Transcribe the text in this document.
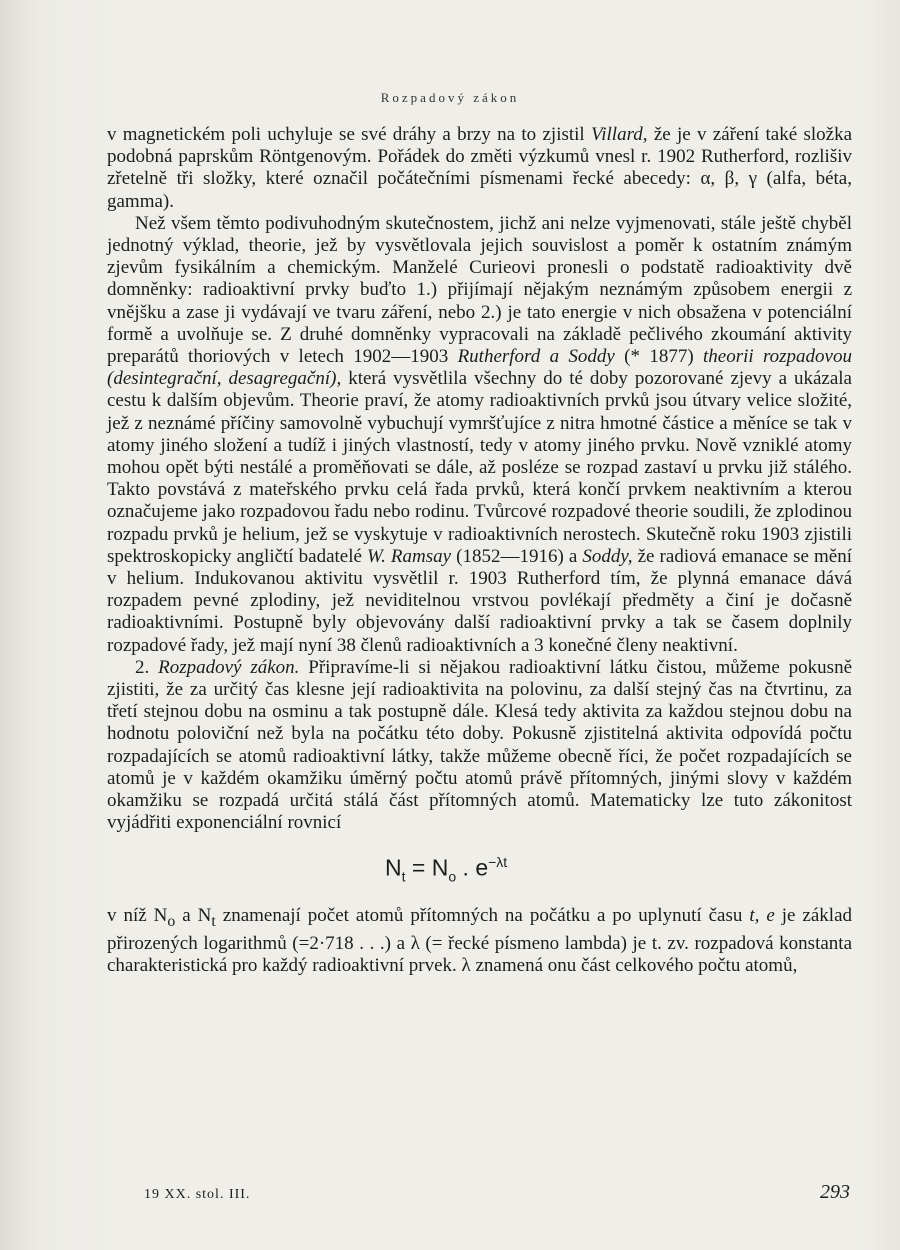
Rozpadový zákon

v magnetickém poli uchyluje se své dráhy a brzy na to zjistil Villard, že je v záření také složka podobná paprskům Röntgenovým. Pořádek do změti výzkumů vnesl r. 1902 Rutherford, rozlišiv zřetelně tři složky, které označil počátečními písmenami řecké abecedy: α, β, γ (alfa, béta, gamma).

Než všem těmto podivuhodným skutečnostem, jichž ani nelze vyjmenovati, stále ještě chyběl jednotný výklad, theorie, jež by vysvětlovala jejich souvislost a poměr k ostatním známým zjevům fysikálním a chemickým. Manželé Curieovi pronesli o podstatě radioaktivity dvě domněnky: radioaktivní prvky buďto 1.) přijímají nějakým neznámým způsobem energii z vnějšku a zase ji vydávají ve tvaru záření, nebo 2.) je tato energie v nich obsažena v potenciální formě a uvolňuje se. Z druhé domněnky vypracovali na základě pečlivého zkoumání aktivity preparátů thoriových v letech 1902—1903 Rutherford a Soddy (* 1877) theorii rozpadovou (desintegrační, desagregační), která vysvětlila všechny do té doby pozorované zjevy a ukázala cestu k dalším objevům. Theorie praví, že atomy radioaktivních prvků jsou útvary velice složité, jež z neznámé příčiny samovolně vybuchují vymršťujíce z nitra hmotné částice a měníce se tak v atomy jiného složení a tudíž i jiných vlastností, tedy v atomy jiného prvku. Nově vzniklé atomy mohou opět býti nestálé a proměňovati se dále, až posléze se rozpad zastaví u prvku již stálého. Takto povstává z mateřského prvku celá řada prvků, která končí prvkem neaktivním a kterou označujeme jako rozpadovou řadu nebo rodinu. Tvůrcové rozpadové theorie soudili, že zplodinou rozpadu prvků je helium, jež se vyskytuje v radioaktivních nerostech. Skutečně roku 1903 zjistili spektroskopicky angličtí badatelé W. Ramsay (1852—1916) a Soddy, že radiová emanace se mění v helium. Indukovanou aktivitu vysvětlil r. 1903 Rutherford tím, že plynná emanace dává rozpadem pevné zplodiny, jež neviditelnou vrstvou povlékají předměty a činí je dočasně radioaktivními. Postupně byly objevovány další radioaktivní prvky a tak se časem doplnily rozpadové řady, jež mají nyní 38 členů radioaktivních a 3 konečné členy neaktivní.

2. Rozpadový zákon. Připravíme-li si nějakou radioaktivní látku čistou, můžeme pokusně zjistiti, že za určitý čas klesne její radioaktivita na polovinu, za další stejný čas na čtvrtinu, za třetí stejnou dobu na osminu a tak postupně dále. Klesá tedy aktivita za každou stejnou dobu na hodnotu poloviční než byla na počátku této doby. Pokusně zjistitelná aktivita odpovídá počtu rozpadajících se atomů radioaktivní látky, takže můžeme obecně říci, že počet rozpadajících se atomů je v každém okamžiku úměrný počtu atomů právě přítomných, jinými slovy v každém okamžiku se rozpadá určitá stálá část přítomných atomů. Matematicky lze tuto zákonitost vyjádřiti exponenciální rovnicí

$N_t = N_o$ . $e^{-\lambda t}$

v níž $N_o$ a $N_t$ znamenají počet atomů přítomných na počátku a po uplynutí času t, e je základ přirozených logarithmů (=2·718 . . .) a λ (= řecké písmeno lambda) je t. zv. rozpadová konstanta charakteristická pro každý radioaktivní prvek. λ znamená onu část celkového počtu atomů,

19 XX. stol. III.	293
